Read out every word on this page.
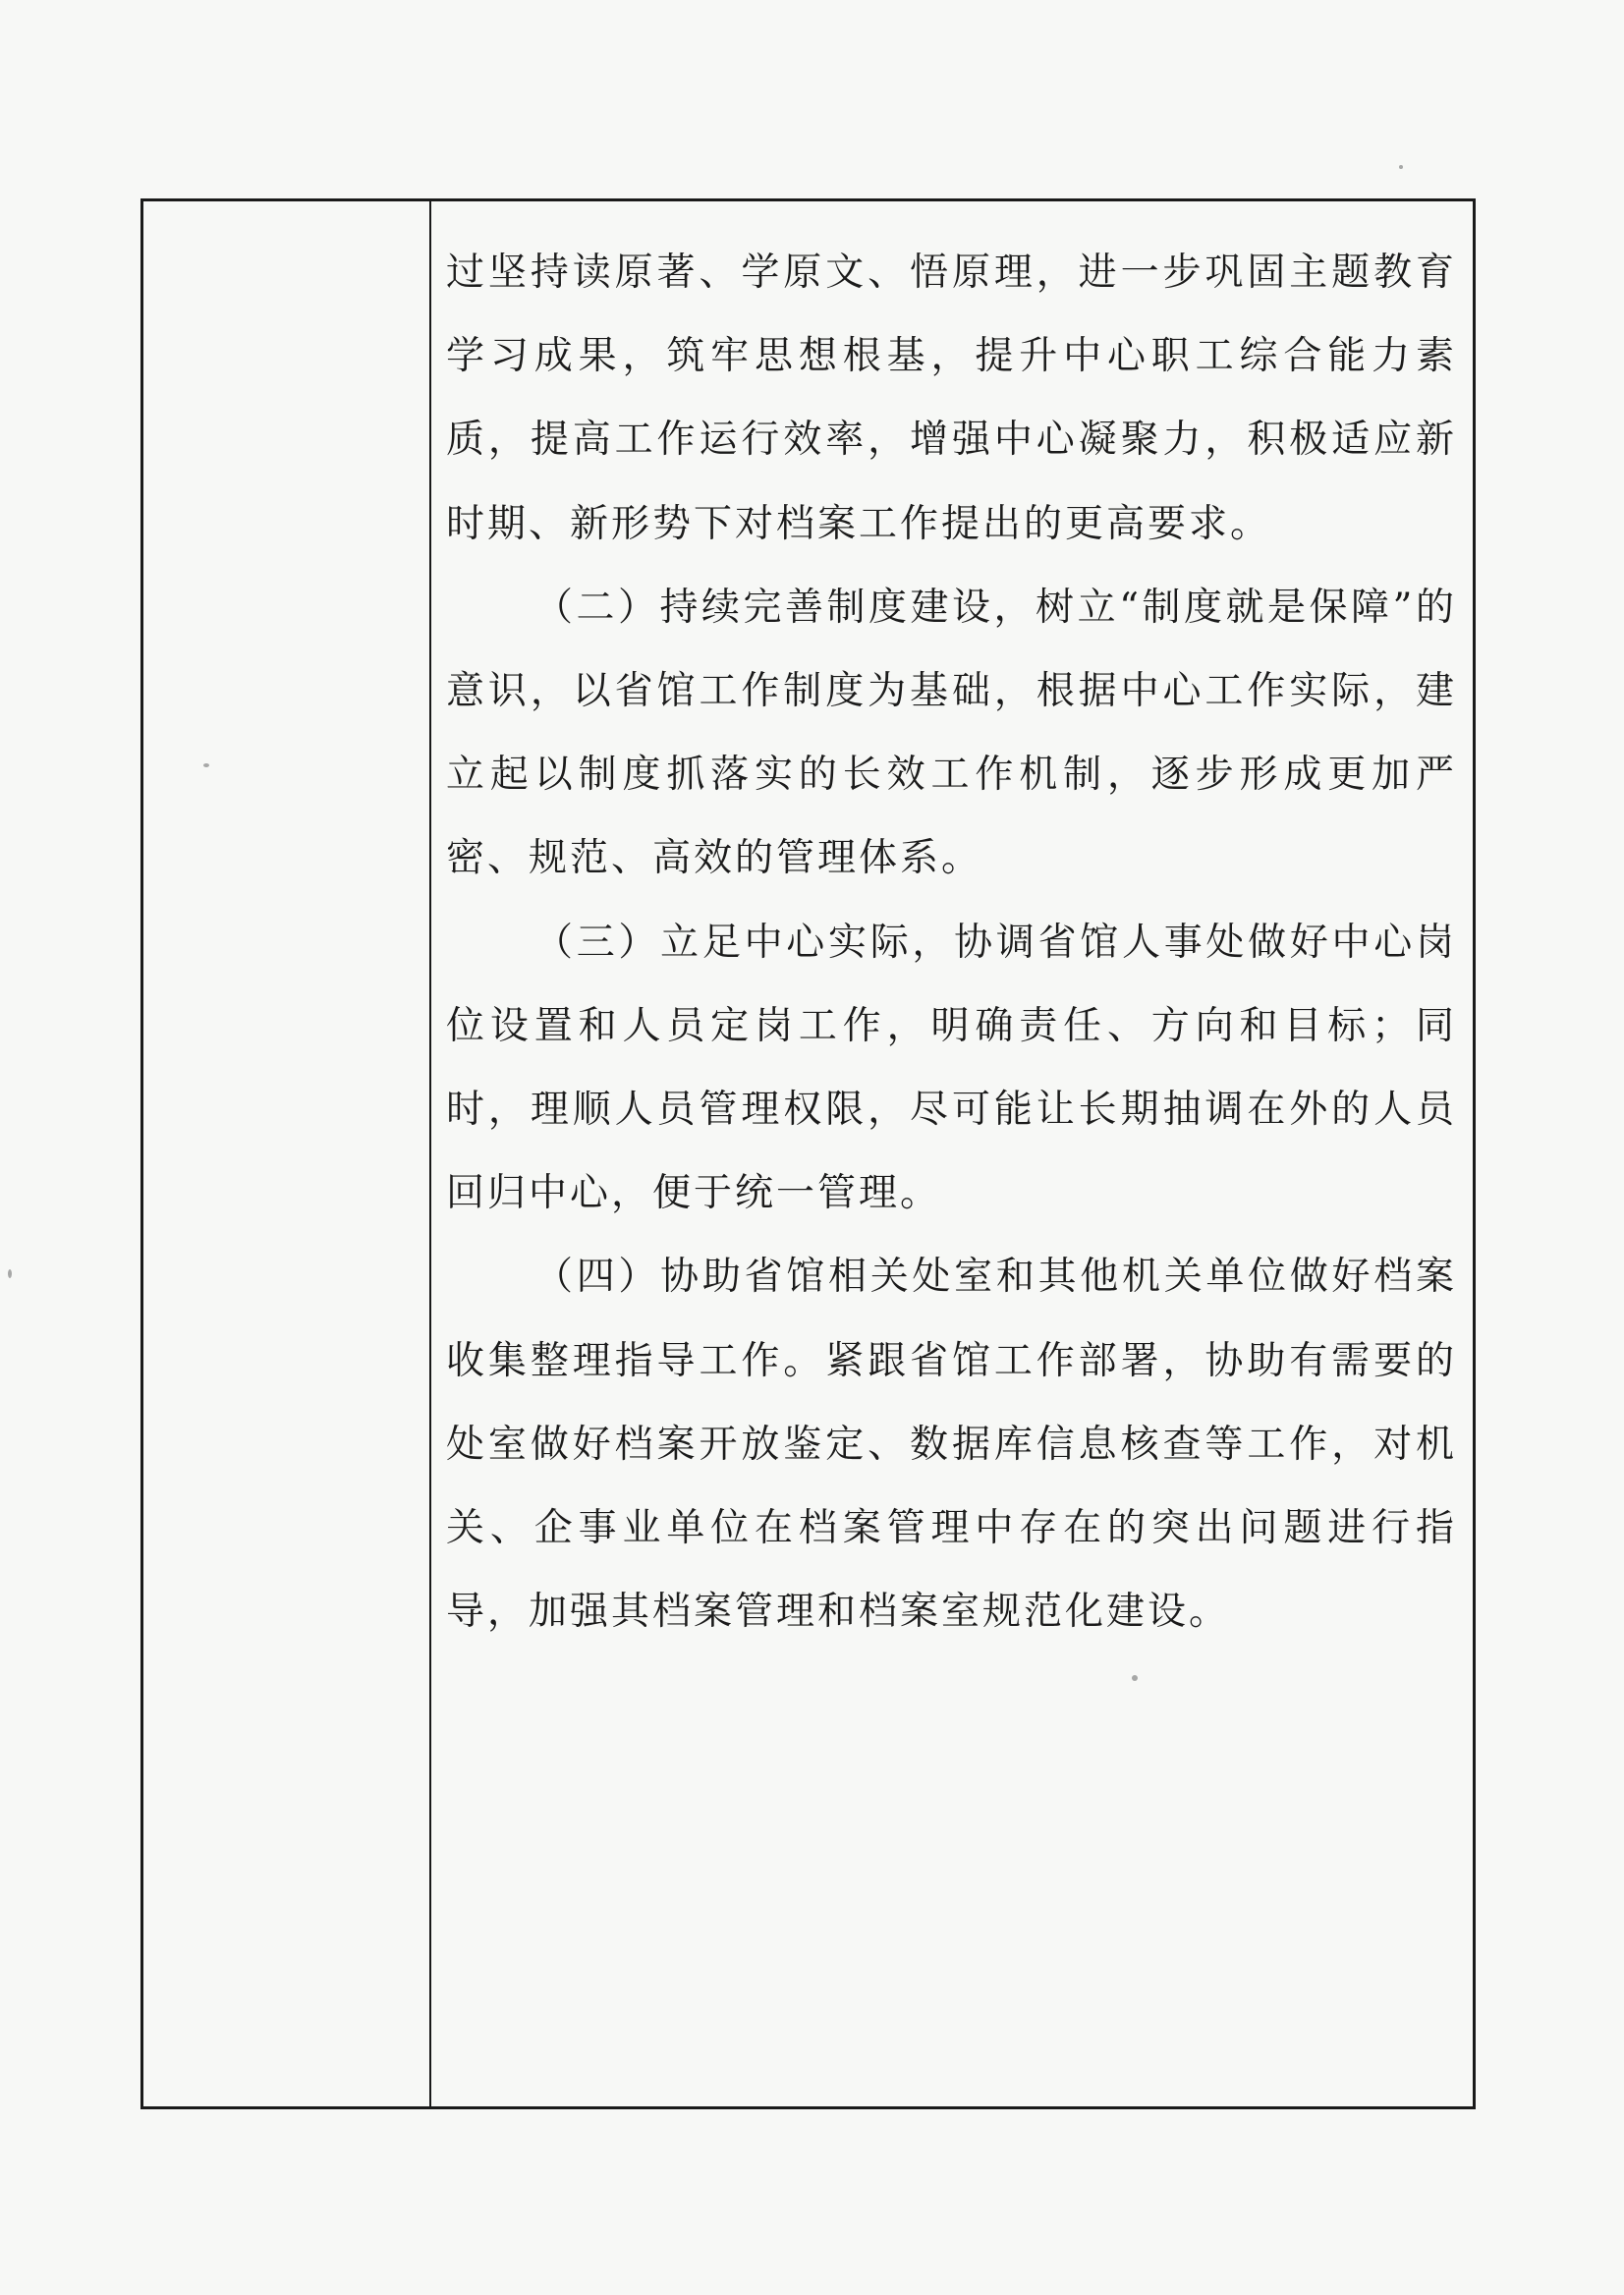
过坚持读原著、学原文、悟原理，进一步巩固主题教育学习成果，筑牢思想根基，提升中心职工综合能力素质，提高工作运行效率，增强中心凝聚力，积极适应新时期、新形势下对档案工作提出的更高要求。

（二）持续完善制度建设，树立“制度就是保障”的意识，以省馆工作制度为基础，根据中心工作实际，建立起以制度抓落实的长效工作机制，逐步形成更加严密、规范、高效的管理体系。

（三）立足中心实际，协调省馆人事处做好中心岗位设置和人员定岗工作，明确责任、方向和目标；同时，理顺人员管理权限，尽可能让长期抽调在外的人员回归中心，便于统一管理。

（四）协助省馆相关处室和其他机关单位做好档案收集整理指导工作。紧跟省馆工作部署，协助有需要的处室做好档案开放鉴定、数据库信息核查等工作，对机关、企事业单位在档案管理中存在的突出问题进行指导，加强其档案管理和档案室规范化建设。
